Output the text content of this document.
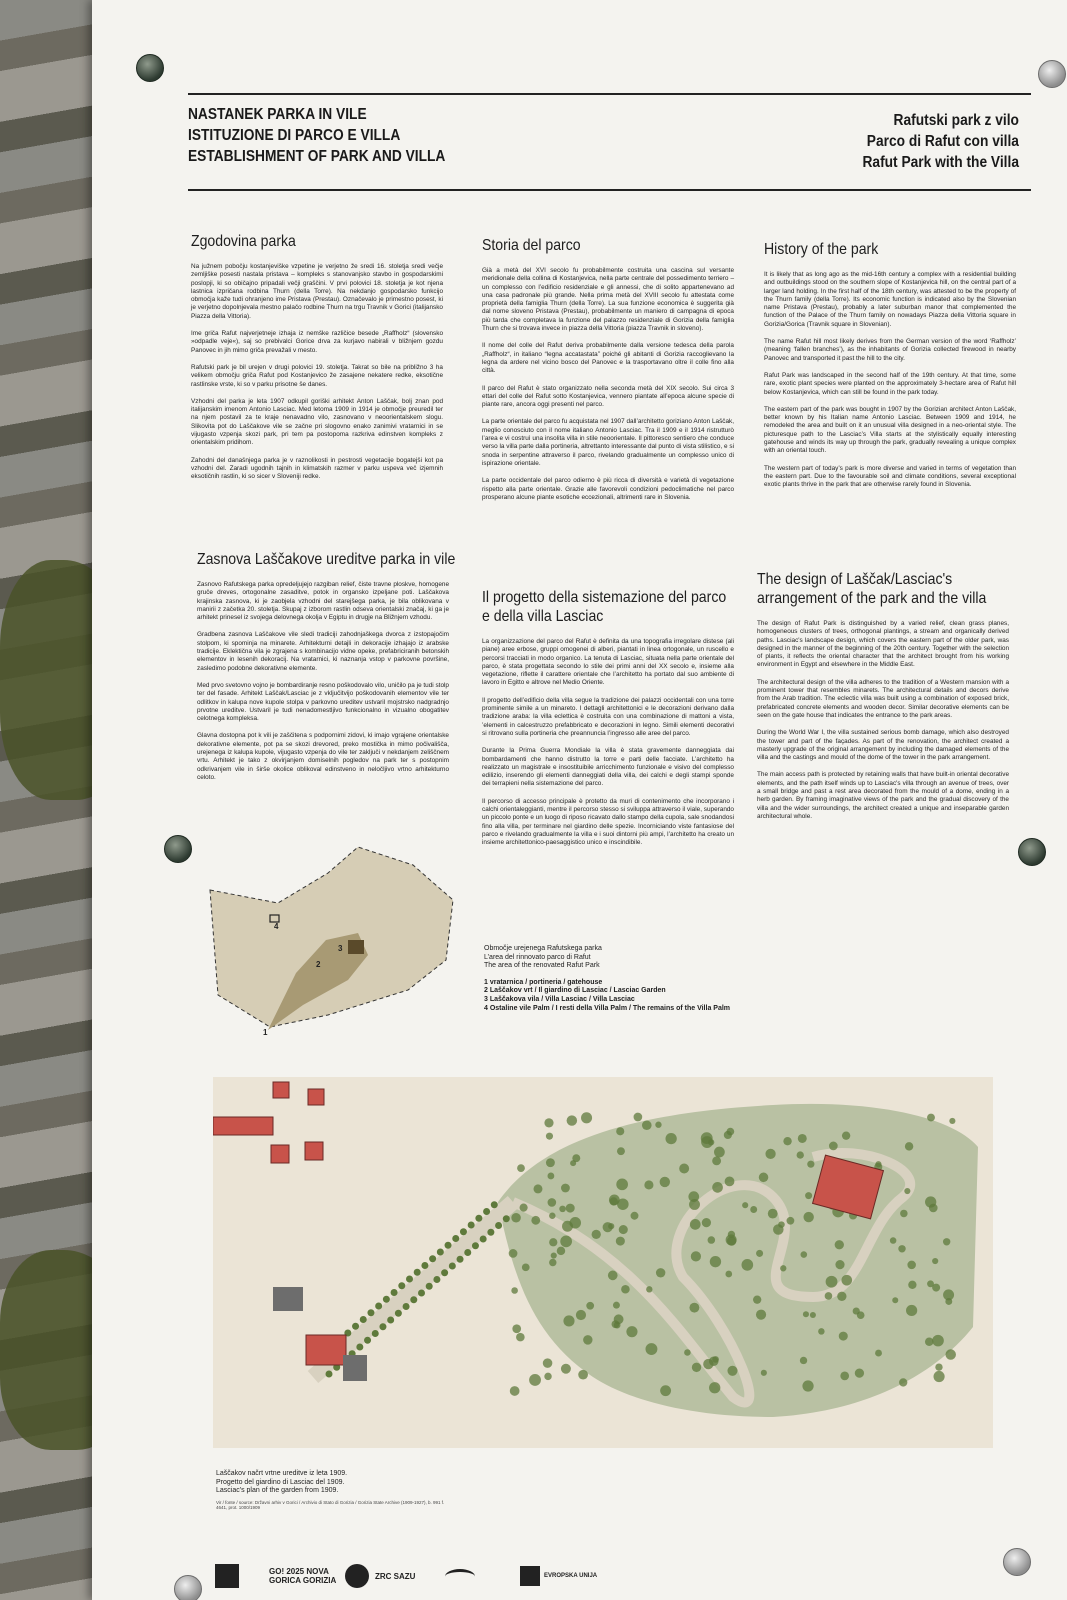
NASTANEK PARKA IN VILE
ISTITUZIONE DI PARCO E VILLA
ESTABLISHMENT OF PARK AND VILLA
Rafutski park z vilo
Parco di Rafut con villa
Rafut Park with the Villa
Zgodovina parka

Na južnem pobočju kostanjeviške vzpetine je verjetno že sredi 16. stoletja sredi večje zemljiške posesti nastala pristava – kompleks s stanovanjsko stavbo in gospodarskimi poslopji, ki so običajno pripadali večji graščini. V prvi polovici 18. stoletja je kot njena lastnica izpričana rodbina Thurn (della Torre). Na nekdanjo gospodarsko funkcijo območja kaže tudi ohranjeno ime Pristava (Prestau). Označevalo je primestno posest, ki je verjetno dopolnjevala mestno palačo rodbine Thurn na trgu Travnik v Gorici (italijansko Piazza della Vittoria).

Ime griča Rafut najverjetneje izhaja iz nemške različice besede „Raffholz“ (slovensko »odpadle veje«), saj so prebivalci Gorice drva za kurjavo nabirali v bližnjem gozdu Panovec in jih mimo griča prevažali v mesto.

Rafutski park je bil urejen v drugi polovici 19. stoletja. Takrat so bile na približno 3 ha velikem območju griča Rafut pod Kostanjevico že zasajene nekatere redke, eksotične rastlinske vrste, ki so v parku prisotne še danes.

Vzhodni del parka je leta 1907 odkupil goriški arhitekt Anton Laščak, bolj znan pod italijanskim imenom Antonio Lasciac. Med letoma 1909 in 1914 je območje preuredil ter na njem postavil za te kraje nenavadno vilo, zasnovano v neoorientalskem slogu. Slikovita pot do Laščakove vile se začne pri slogovno enako zanimivi vratarnici in se vijugasto vzpenja skozi park, pri tem pa postopoma razkriva edinstven kompleks z orientalskim pridihom.

Zahodni del današnjega parka je v raznolikosti in pestrosti vegetacije bogatejši kot pa vzhodni del. Zaradi ugodnih tajnih in klimatskih razmer v parku uspeva več izjemnih eksotičnih rastlin, ki so sicer v Sloveniji redke.

Zasnova Laščakove ureditve parka in vile

Zasnovo Rafutskega parka opredeljujejo razgiban relief, čiste travne ploskve, homogene gruče dreves, ortogonalne zasaditve, potok in organsko izpeljane poti. Laščakova krajinska zasnova, ki je zaobjela vzhodni del starejšega parka, je bila oblikovana v manirii z začetka 20. stoletja. Skupaj z izborom rastlin odseva orientalski značaj, ki ga je arhitekt prinesel iz svojega delovnega okolja v Egiptu in drugje na Bližnjem vzhodu.

Gradbena zasnova Laščakove vile sledi tradiciji zahodnjaškega dvorca z izstopajočim stolpom, ki spominja na minarete. Arhitekturni detajli in dekoracije izhajajo iz arabske tradicije. Eklektična vila je zgrajena s kombinacijo vidne opeke, prefabriciranih betonskih elementov in lesenih dekoracij. Na vratarnici, ki naznanja vstop v parkovne površine, zasledimo podobne dekorativne elemente.

Med prvo svetovno vojno je bombardiranje resno poškodovalo vilo, uničilo pa je tudi stolp ter del fasade. Arhitekt Laščak/Lasciac je z vključitvijo poškodovanih elementov vile ter odlitkov in kalupa nove kupole stolpa v parkovno ureditev ustvaril mojstrsko nadgradnjo prvotne ureditve. Ustvaril je tudi nenadomestljivo funkcionalno in vizualno obogatitev celotnega kompleksa.

Glavna dostopna pot k vili je zaščitena s podpornimi zidovi, ki imajo vgrajene orientalske dekorativne elemente, pot pa se skozi drevored, preko mostička in mimo počivališča, urejenega iz kalupa kupole, vijugasto vzpenja do vile ter zaključi v nekdanjem zeliščnem vrtu. Arhitekt je tako z okvirjanjem domiselnih pogledov na park ter s postopnim odkrivanjem vile in širše okolice oblikoval edinstveno in neločljivo vrtno arhitekturno celoto.

Storia del parco

Già a metà del XVI secolo fu probabilmente costruita una cascina sul versante meridionale della collina di Kostanjevica, nella parte centrale del possedimento terriero – un complesso con l’edificio residenziale e gli annessi, che di solito appartenevano ad una casa padronale più grande. Nella prima metà del XVIII secolo fu attestata come proprietà della famiglia Thurn (della Torre). La sua funzione economica è suggerita già dal nome sloveno Pristava (Prestau), probabilmente un maniero di campagna di epoca più tarda che completava la funzione del palazzo residenziale di Gorizia della famiglia Thurn che si trovava invece in piazza della Vittoria (piazza Travnik in sloveno).

Il nome del colle del Rafut deriva probabilmente dalla versione tedesca della parola „Raffholz“, in italiano “legna accatastata” poiché gli abitanti di Gorizia raccoglievano la legna da ardere nel vicino bosco del Panovec e la trasportavano oltre il colle fino alla città.

Il parco del Rafut è stato organizzato nella seconda metà del XIX secolo. Sui circa 3 ettari del colle del Rafut sotto Kostanjevica, vennero piantate all’epoca alcune specie di piante rare, ancora oggi presenti nel parco.

La parte orientale del parco fu acquistata nel 1907 dall’architetto goriziano Anton Laščak, meglio conosciuto con il nome italiano Antonio Lasciac. Tra il 1909 e il 1914 ristrutturò l’area e vi costruì una insolita villa in stile neoorientale. Il pittoresco sentiero che conduce verso la villa parte dalla portineria, altrettanto interessante dal punto di vista stilistico, e si snoda in serpentine attraverso il parco, rivelando gradualmente un complesso unico di ispirazione orientale.

La parte occidentale del parco odierno è più ricca di diversità e varietà di vegetazione rispetto alla parte orientale. Grazie alle favorevoli condizioni pedoclimatiche nel parco prosperano alcune piante esotiche eccezionali, altrimenti rare in Slovenia.

Il progetto della sistemazione del parco e della villa Lasciac

La organizzazione del parco del Rafut è definita da una topografia irregolare distese (ali piane) aree erbose, gruppi omogenei di alberi, piantati in linea ortogonale, un ruscello e percorsi tracciati in modo organico. La tenuta di Lasciac, situata nella parte orientale del parco, è stata progettata secondo lo stile dei primi anni del XX secolo e, insieme alla vegetazione, riflette il carattere orientale che l’architetto ha portato dal suo ambiente di lavoro in Egitto e altrove nel Medio Oriente.

Il progetto dell’edificio della villa segue la tradizione dei palazzi occidentali con una torre prominente simile a un minareto. I dettagli architettonici e le decorazioni derivano dalla tradizione araba: la villa eclettica è costruita con una combinazione di mattoni a vista, ’elementi in calcestruzzo prefabbricato e decorazioni in legno. Simili elementi decorativi si ritrovano sulla portineria che preannuncia l’ingresso alle aree del parco.

Durante la Prima Guerra Mondiale la villa è stata gravemente danneggiata dai bombardamenti che hanno distrutto la torre e parti delle facciate. L’architetto ha realizzato un magistrale e insostituibile arricchimento funzionale e visivo del complesso edilizio, inserendo gli elementi danneggiati della villa, dei calchi e degli stampi sponde dei terrapieni nella sistemazione del parco.

Il percorso di accesso principale è protetto da muri di contenimento che incorporano i calchi orientaleggianti, mentre il percorso stesso si sviluppa attraverso il viale, superando un piccolo ponte e un luogo di riposo ricavato dallo stampo della cupola, sale snodandosi fino alla villa, per terminare nel giardino delle spezie. Incorniciando viste fantasiose del parco e rivelando gradualmente la villa e i suoi dintorni più ampi, l’architetto ha creato un insieme architettonico-paesaggistico unico e inscindibile.

History of the park

It is likely that as long ago as the mid-16th century a complex with a residential building and outbuildings stood on the southern slope of Kostanjevica hill, on the central part of a larger land holding. In the first half of the 18th century, was attested to be the property of the Thurn family (della Torre). Its economic function is indicated also by the Slovenian name Pristava (Prestau), probably a later suburban manor that complemented the function of the Palace of the Thurn family on nowadays Piazza della Vittoria square in Gorizia/Gorica (Travnik square in Slovenian).

The name Rafut hill most likely derives from the German version of the word ‘Raffholz’ (meaning ‘fallen branches’), as the inhabitants of Gorizia collected firewood in nearby Panovec and transported it past the hill to the city.

Rafut Park was landscaped in the second half of the 19th century. At that time, some rare, exotic plant species were planted on the approximately 3-hectare area of Rafut hill below Kostanjevica, which can still be found in the park today.

The eastern part of the park was bought in 1907 by the Gorizian architect Anton Laščak, better known by his Italian name Antonio Lasciac. Between 1909 and 1914, he remodeled the area and built on it an unusual villa designed in a neo-oriental style. The picturesque path to the Lasciac’s Villa starts at the stylistically equally interesting gatehouse and winds its way up through the park, gradually revealing a unique complex with an oriental touch.

The western part of today’s park is more diverse and varied in terms of vegetation than the eastern part. Due to the favourable soil and climate conditions, several exceptional exotic plants thrive in the park that are otherwise rarely found in Slovenia.

The design of Laščak/Lasciac's arrangement of the park and the villa

The design of Rafut Park is distinguished by a varied relief, clean grass planes, homogeneous clusters of trees, orthogonal plantings, a stream and organically derived paths. Lasciac's landscape design, which covers the eastern part of the older park, was designed in the manner of the beginning of the 20th century. Together with the selection of plants, it reflects the oriental character that the architect brought from his working environment in Egypt and elsewhere in the Middle East.

The architectural design of the villa adheres to the tradition of a Western mansion with a prominent tower that resembles minarets. The architectural details and decors derive from the Arab tradition. The eclectic villa was built using a combination of exposed brick, prefabricated concrete elements and wooden decor. Similar decorative elements can be seen on the gate house that indicates the entrance to the park areas.

During the World War I, the villa sustained serious bomb damage, which also destroyed the tower and part of the façades. As part of the renovation, the architect created a masterly upgrade of the original arrangement by including the damaged elements of the villa and the castings and mould of the dome of the tower in the park arrangement.

The main access path is protected by retaining walls that have built-in oriental decorative elements, and the path itself winds up to Lasciac's villa through an avenue of trees, over a small bridge and past a rest area decorated from the mould of a dome, ending in a herb garden. By framing imaginative views of the park and the gradual discovery of the villa and the wider surroundings, the architect created a unique and inseparable garden architectural whole.

1
2
3
4
Območje urejenega Rafutskega parka
L’area del rinnovato parco di Rafut
The area of the renovated Rafut Park
1 vratarnica / portineria / gatehouse
2 Laščakov vrt / Il giardino di Lasciac / Lasciac Garden
3 Laščakova vila / Villa Lasciac / Villa Lasciac
4 Ostaline vile Palm / I resti della Villa Palm / The remains of the Villa Palm
Laščakov načrt vrtne ureditve iz leta 1909.
Progetto del giardino di Lasciac del 1909.
Lasciac's plan of the garden from 1909.
Vir / fonte / source: Državni arhiv v Gorici / Archivio di Stato di Gorizia / Gorizia State Archive (1909-1927), b. 991 f. 4641, prot. 1000/1909
GO! 2025 NOVA GORICA GORIZIA	ZRC SAZU	EVROPSKA UNIJA
